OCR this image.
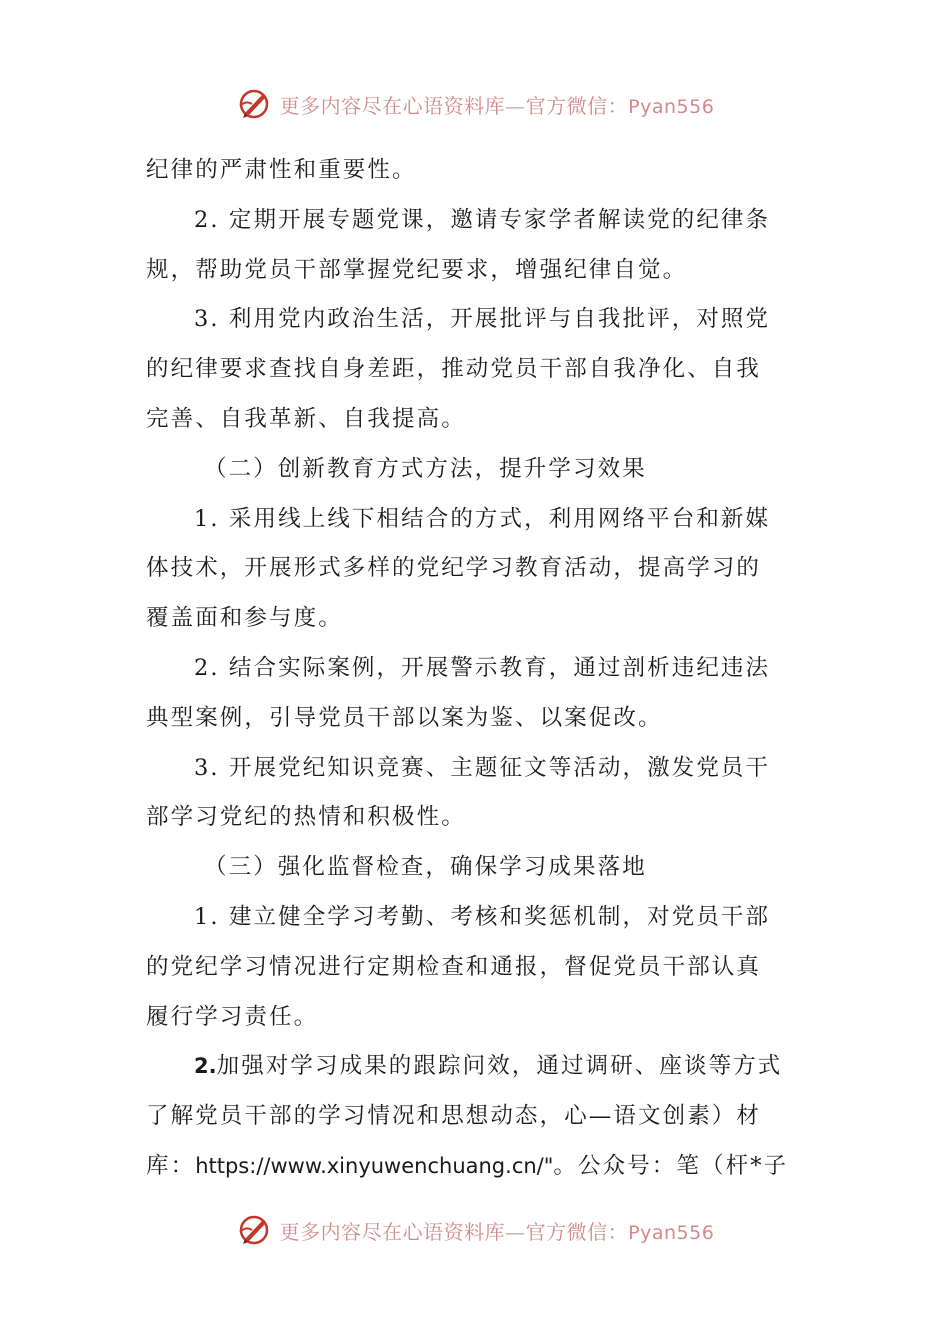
更多内容尽在心语资料库—官方微信：Pyan556
纪律的严肃性和重要性。
2. 定期开展专题党课，邀请专家学者解读党的纪律条
规，帮助党员干部掌握党纪要求，增强纪律自觉。
3. 利用党内政治生活，开展批评与自我批评，对照党
的纪律要求查找自身差距，推动党员干部自我净化、自我
完善、自我革新、自我提高。
（二）创新教育方式方法，提升学习效果
1. 采用线上线下相结合的方式，利用网络平台和新媒
体技术，开展形式多样的党纪学习教育活动，提高学习的
覆盖面和参与度。
2. 结合实际案例，开展警示教育，通过剖析违纪违法
典型案例，引导党员干部以案为鉴、以案促改。
3. 开展党纪知识竞赛、主题征文等活动，激发党员干
部学习党纪的热情和积极性。
（三）强化监督检查，确保学习成果落地
1. 建立健全学习考勤、考核和奖惩机制，对党员干部
的党纪学习情况进行定期检查和通报，督促党员干部认真
履行学习责任。
2.加强对学习成果的跟踪问效，通过调研、座谈等方式
了解党员干部的学习情况和思想动态，心—语文创素）材
库：https://www.xinyuwenchuang.cn/"。公众号：笔（杆*子
更多内容尽在心语资料库—官方微信：Pyan556
